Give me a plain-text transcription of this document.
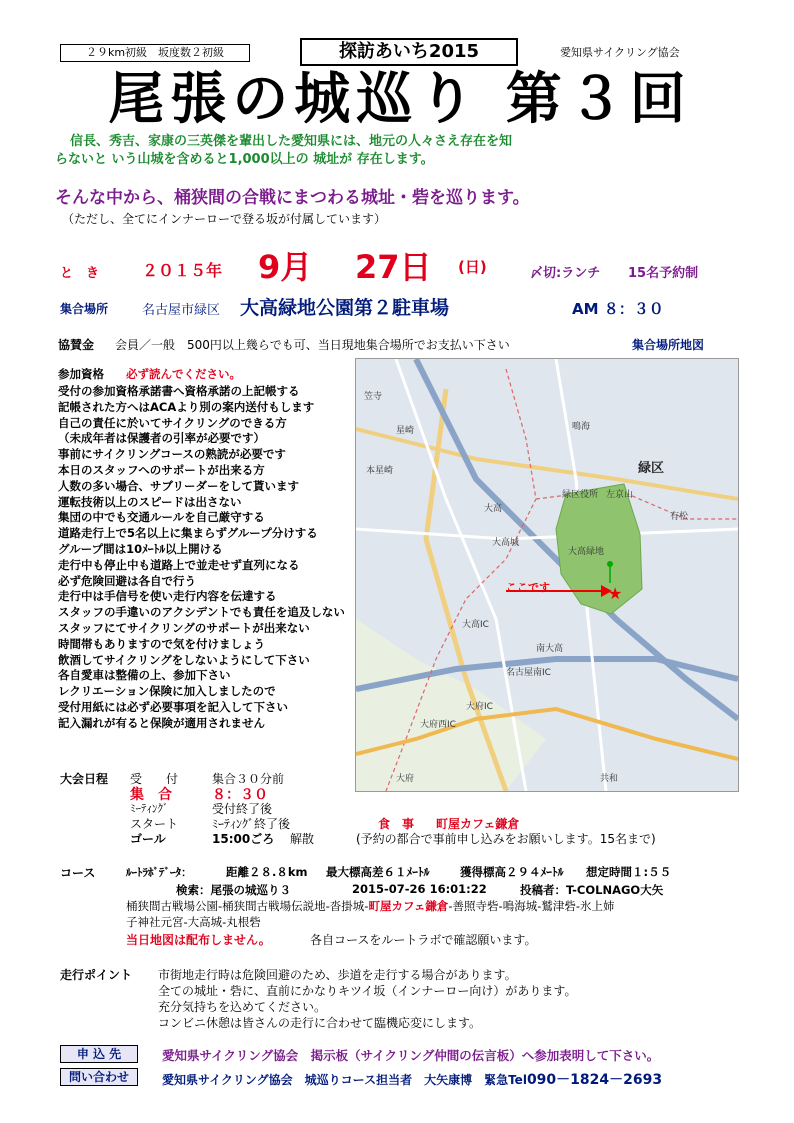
２９km初級　坂度数２初級	探訪あいち2015	愛知県サイクリング協会
尾張の城巡り 第３回
信長、秀吉、家康の三英傑を輩出した愛知県には、地元の人々さえ存在を知
らないと いう山城を含めると1,000以上の 城址が 存在します。
そんな中から、桶狭間の合戦にまつわる城址・砦を巡ります。
（ただし、全てにインナーローで登る坂が付属しています）
と　き	２０１５年 9月 27日 (日)	〆切:ランチ 15名予約制
集合場所	名古屋市緑区 大高緑地公園第２駐車場	AM ８：３０
協賛金 会員／一般　500円以上幾らでも可、当日現地集合場所でお支払い下さい	集合場所地図
参加資格 必ず読んでください。
受付の参加資格承諾書へ資格承諾の上記帳する
記帳された方へはACAより別の案内送付もします
自己の責任に於いてサイクリングのできる方
（未成年者は保護者の引率が必要です）
事前にサイクリングコースの熟読が必要です
本日のスタッフへのサポートが出来る方
人数の多い場合、サブリーダーをして貰います
運転技術以上のスピードは出さない
集団の中でも交通ルールを自己厳守する
道路走行上で5名以上に集まらずグループ分けする
グループ間は10ﾒｰﾄﾙ以上開ける
走行中も停止中も道路上で並走せず直列になる
必ず危険回避は各自で行う
走行中は手信号を使い走行内容を伝達する
スタッフの手違いのアクシデントでも責任を追及しない
スタッフにてサイクリングのサポートが出来ない
時間帯もありますので気を付けましょう
飲酒してサイクリングをしないようにして下さい
各自愛車は整備の上、参加下さい
レクリエーション保険に加入しましたので
受付用紙には必ず必要事項を記入して下さい
記入漏れが有ると保険が適用されません
★
緑区
大高緑地
ここです
名古屋南IC
大高IC
大府IC
大府西IC
有松
大高
南大高
共和
鳴海
大府
左京山
笠寺
大高城
緑区役所
星崎
本星崎
大会日程 受　　付	集合３０分前
集　合	８：３０
ﾐｰﾃｨﾝｸﾞ	受付終了後
スタート	ﾐｰﾃｨﾝｸﾞ終了後
ゴール	15:00ごろ 解散
食　事 町屋カフェ鎌倉
(予約の都合で事前申し込みをお願いします。15名まで)
コース	ﾙｰﾄﾗﾎﾞﾃﾞｰﾀ：	距離２８.８km 最大標高差６１ﾒｰﾄﾙ	獲得標高２９４ﾒｰﾄﾙ 想定時間１:５５
検索：尾張の城巡り３	2015-07-26 16:01:22	投稿者：T-COLNAGO大矢
桶狭間古戦場公園-桶狭間古戦場伝説地-沓掛城-町屋カフェ鎌倉-善照寺砦-鳴海城-鷲津砦-氷上姉
子神社元宮-大高城-丸根砦
当日地図は配布しません。	各自コースをルートラボで確認願います。
走行ポイント 市街地走行時は危険回避のため、歩道を走行する場合があります。
全ての城址・砦に、直前にかなりキツイ坂（インナーロー向け）があります。
充分気持ちを込めてください。
コンビニ休憩は皆さんの走行に合わせて臨機応変にします。
申 込 先	愛知県サイクリング協会　掲示板（サイクリング仲間の伝言板）へ参加表明して下さい。
問い合わせ	愛知県サイクリング協会　城巡りコース担当者　大矢康博　緊急Tel090－1824－2693
